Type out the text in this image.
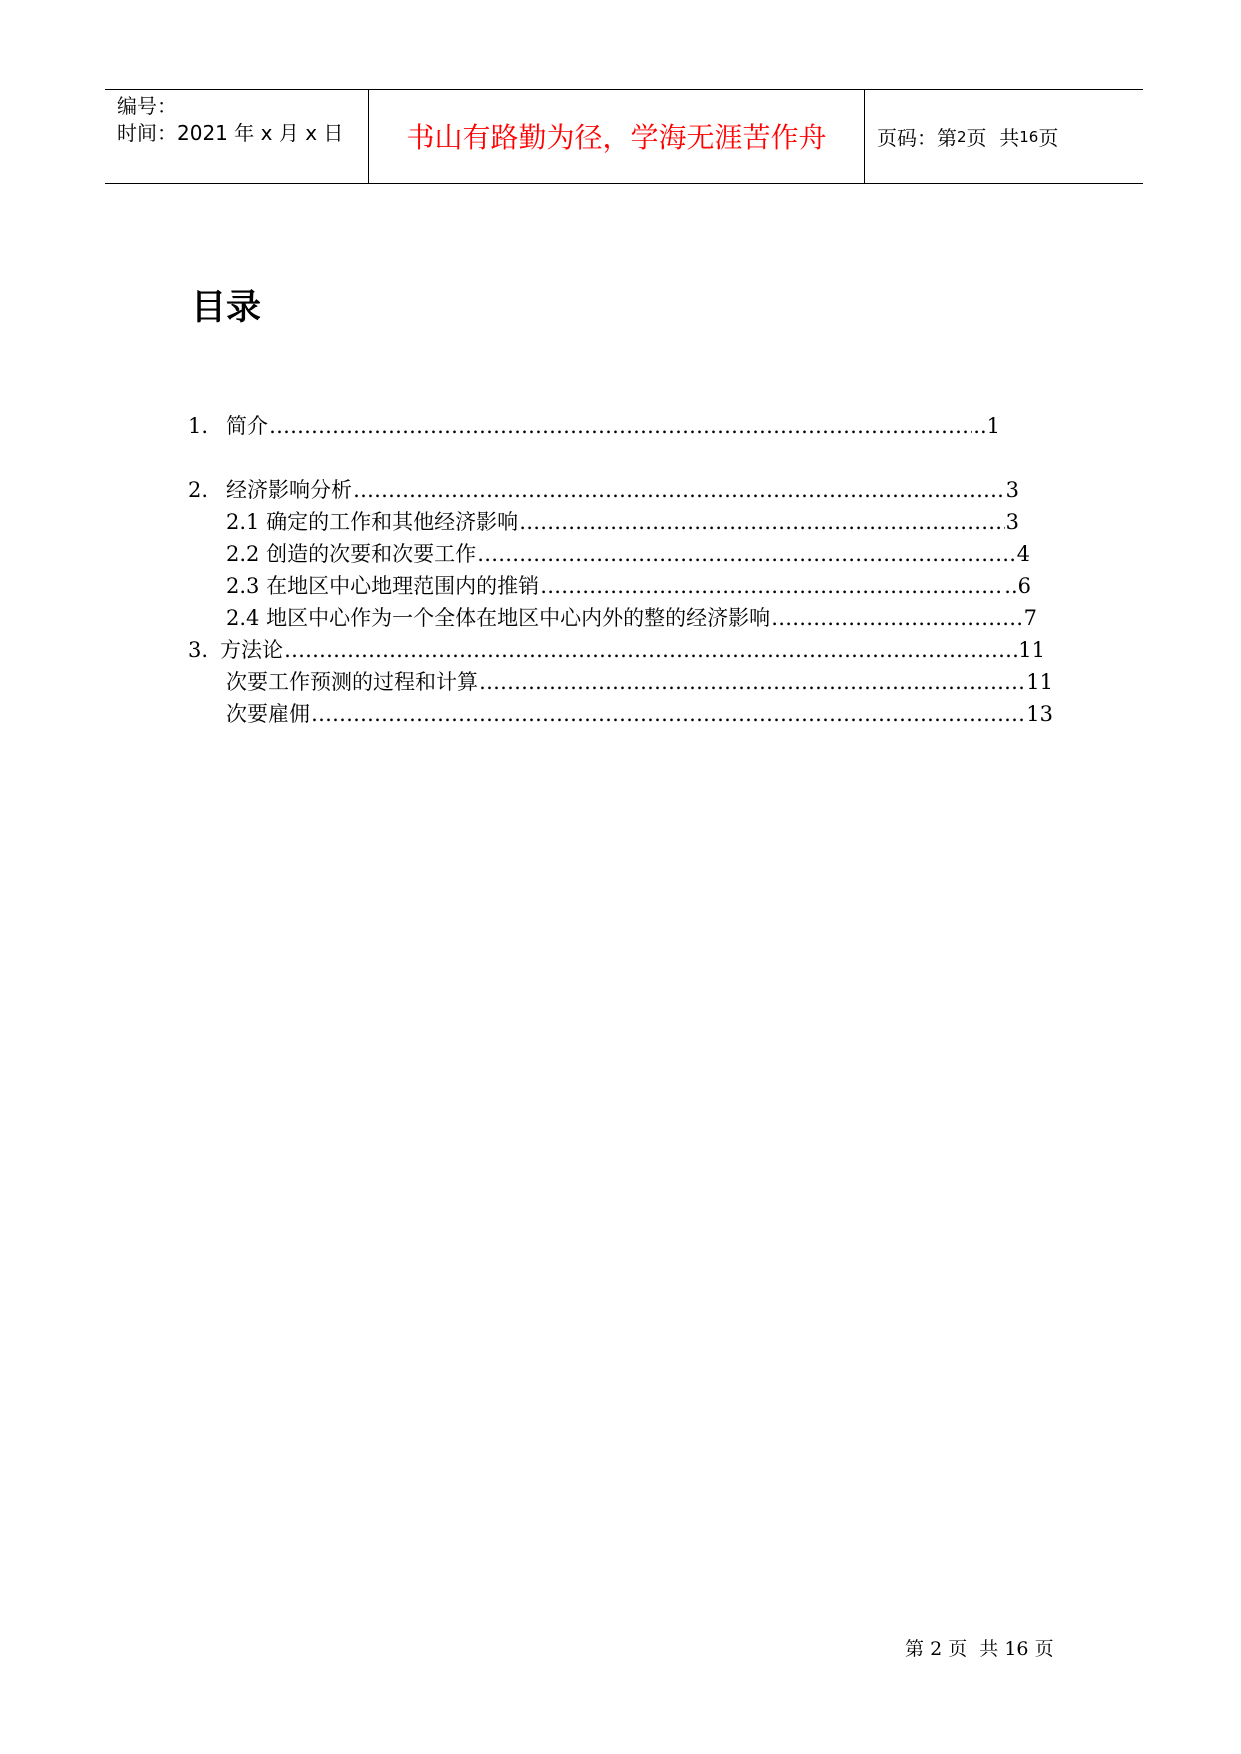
编号：
时间：2021 年 x 月 x 日	书山有路勤为径，学海无涯苦作舟	页码：第 2 页  共 16 页
目录
1. 简介 ……………………………………………………………………………………………………………………………………………………………………	..1
2. 经济影响分析 ……………………………………………………………………………………………………………………………………………………………………	3
2.1 确定的工作和其他经济影响 ……………………………………………………………………………………………………………………………………………………………………	3
2.2 创造的次要和次要工作 ……………………………………………………………………………………………………………………………………………………………………	4
2.3 在地区中心地理范围内的推销 ……………………………………………………………………………………………………………………………………………………………………	..6
2.4 地区中心作为一个全体在地区中心内外的整的经济影响 ……………………………………………………………………………………………………………………………………………………………………	7
3. 方法论 ……………………………………………………………………………………………………………………………………………………………………	11
次要工作预测的过程和计算 ……………………………………………………………………………………………………………………………………………………………………	11
次要雇佣 ……………………………………………………………………………………………………………………………………………………………………	13
第 2 页  共 16 页
